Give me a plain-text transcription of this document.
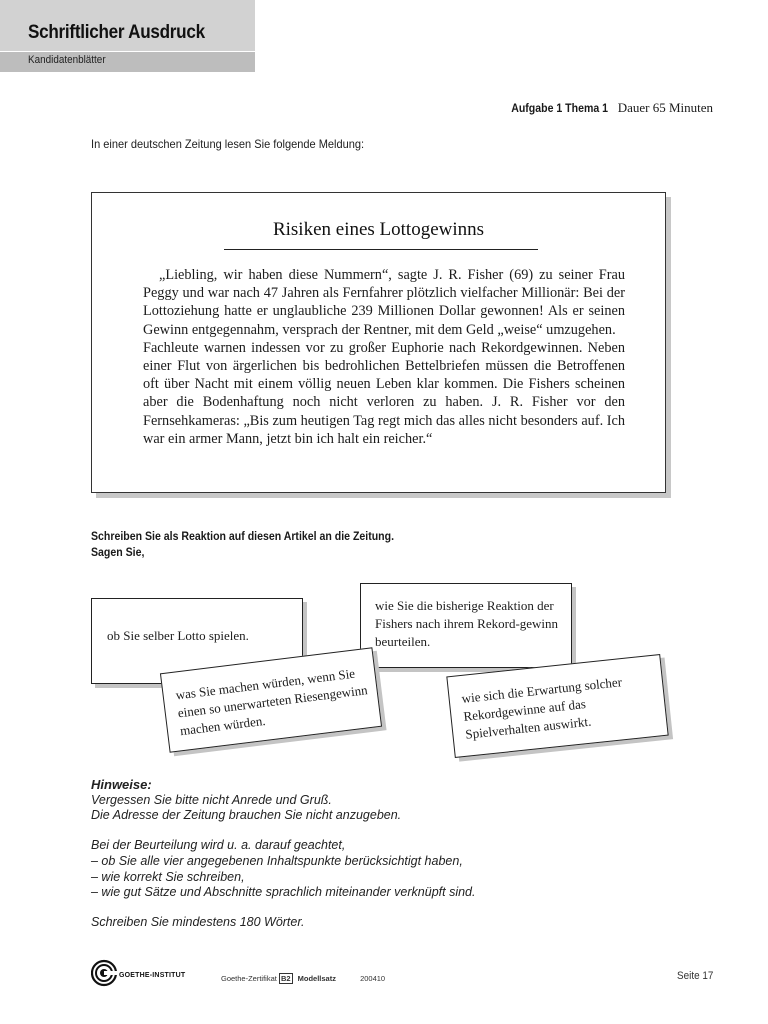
Schriftlicher Ausdruck
Kandidatenblätter
Aufgabe 1 Thema 1 Dauer 65 Minuten
In einer deutschen Zeitung lesen Sie folgende Meldung:
Risiken eines Lottogewinns

„Liebling, wir haben diese Nummern“, sagte J. R. Fisher (69) zu seiner Frau Peggy und war nach 47 Jahren als Fernfahrer plötzlich vielfacher Millionär: Bei der Lottoziehung hatte er unglaubliche 239 Millionen Dollar gewonnen! Als er seinen Gewinn entgegennahm, versprach der Rentner, mit dem Geld „weise“ umzugehen.

Fachleute warnen indessen vor zu großer Euphorie nach Rekordgewinnen. Neben einer Flut von ärgerlichen bis bedrohlichen Bettelbriefen müssen die Betroffenen oft über Nacht mit einem völlig neuen Leben klar kommen. Die Fishers scheinen aber die Bodenhaftung noch nicht verloren zu haben. J. R. Fisher vor den Fernsehkameras: „Bis zum heutigen Tag regt mich das alles nicht besonders auf. Ich war ein armer Mann, jetzt bin ich halt ein reicher.“

Schreiben Sie als Reaktion auf diesen Artikel an die Zeitung.
Sagen Sie,
ob Sie selber Lotto spielen.
wie Sie die bisherige Reaktion der Fishers nach ihrem Rekord-gewinn beurteilen.
was Sie machen würden, wenn Sie einen so unerwarteten Riesengewinn machen würden.
wie sich die Erwartung solcher Rekordgewinne auf das Spielverhalten auswirkt.
Hinweise:
Vergessen Sie bitte nicht Anrede und Gruß.
Die Adresse der Zeitung brauchen Sie nicht anzugeben.
Bei der Beurteilung wird u. a. darauf geachtet,
– ob Sie alle vier angegebenen Inhaltspunkte berücksichtigt haben,
– wie korrekt Sie schreiben,
– wie gut Sätze und Abschnitte sprachlich miteinander verknüpft sind.
Schreiben Sie mindestens 180 Wörter.
GOETHE-INSTITUT	Goethe-Zertifikat B2 Modellsatz	200410	Seite 17
